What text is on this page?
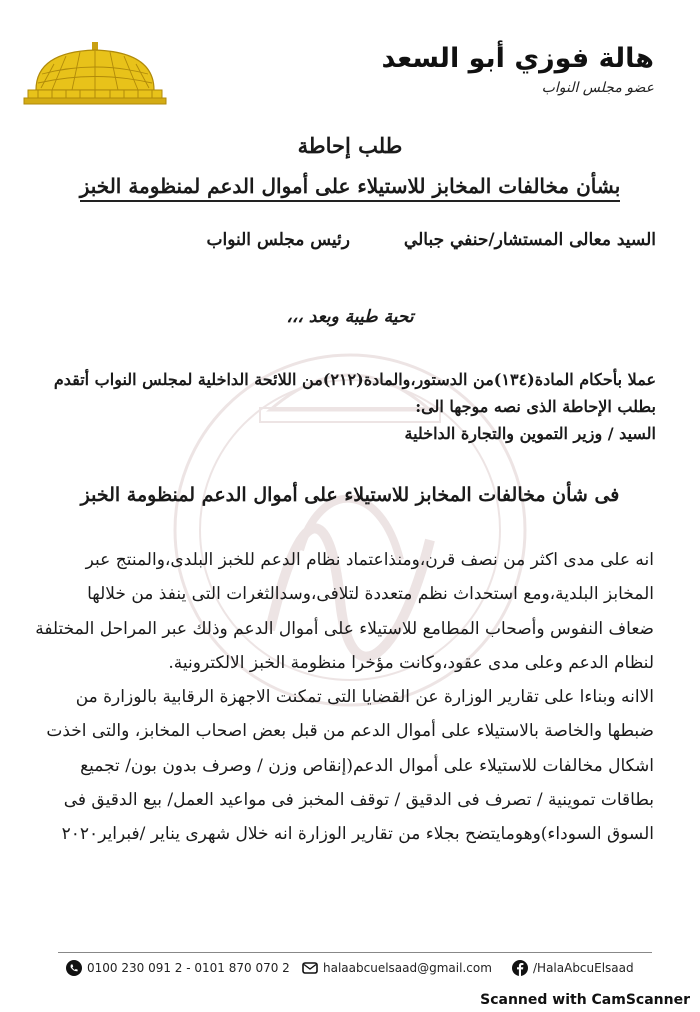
هالة فوزي أبو السعد
عضو مجلس النواب
طلب إحاطة
بشأن مخالفات المخابز للاستيلاء على أموال الدعم لمنظومة الخبز
السيد معالى المستشار/حنفي جبالي
رئيس مجلس النواب
تحية طيبة وبعد ،،،
عملا بأحكام المادة(١٣٤)من الدستور،والمادة(٢١٢)من اللائحة الداخلية لمجلس النواب أتقدم
بطلب الإحاطة الذى نصه موجها الى:
السيد / وزير التموين والتجارة الداخلية
فى شأن مخالفات المخابز للاستيلاء على أموال الدعم لمنظومة الخبز
انه على مدى اكثر من نصف قرن،ومنذاعتماد نظام الدعم للخبز البلدى،والمنتج عبر
المخابز البلدية،ومع استحداث نظم متعددة لتلافى،وسدالثغرات التى ينفذ من خلالها
ضعاف النفوس وأصحاب المطامع للاستيلاء على أموال الدعم وذلك عبر المراحل المختلفة
لنظام الدعم وعلى مدى عقود،وكانت مؤخرا منظومة الخبز الالكترونية.
الاانه وبناءا على تقارير الوزارة عن القضايا التى تمكنت الاجهزة الرقابية بالوزارة من
ضبطها والخاصة بالاستيلاء على أموال الدعم من قبل بعض اصحاب المخابز، والتى اخذت
اشكال مخالفات للاستيلاء على أموال الدعم(إنقاص وزن / وصرف بدون بون/ تجميع
بطاقات تموينية / تصرف فى الدقيق / توقف المخبز فى مواعيد العمل/ بيع الدقيق فى
السوق السوداء)وهومايتضح بجلاء من تقارير الوزارة انه خلال شهرى يناير /فبراير٢٠٢٠
0100 230 091 2 - 0101 870 070 2	halaabcuelsaad@gmail.com	/HalaAbcuElsaad
Scanned with CamScanner
